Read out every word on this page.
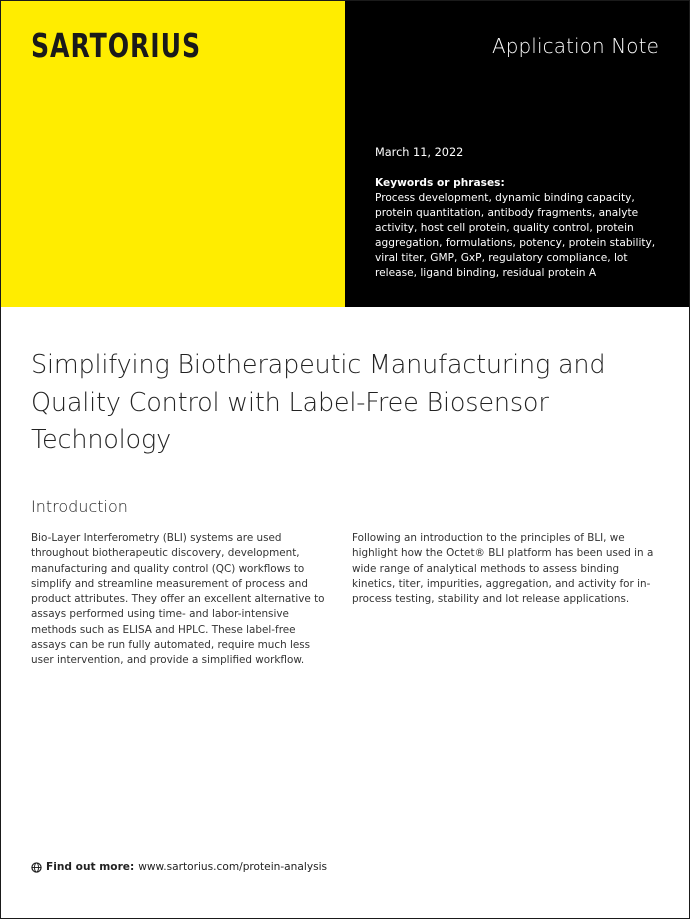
SARTORIUS	Application Note
March 11, 2022
Keywords or phrases:
Process development, dynamic binding capacity, protein quantitation, antibody fragments, analyte activity, host cell protein, quality control, protein aggregation, formulations, potency, protein stability, viral titer, GMP, GxP, regulatory compliance, lot release, ligand binding, residual protein A
Simplifying Biotherapeutic Manufacturing and Quality Control with Label-Free Biosensor Technology
Introduction
Bio-Layer Interferometry (BLI) systems are used throughout biotherapeutic discovery, development, manufacturing and quality control (QC) workflows to simplify and streamline measurement of process and product attributes. They offer an excellent alternative to assays performed using time- and labor-intensive methods such as ELISA and HPLC. These label-free assays can be run fully automated, require much less user intervention, and provide a simplified workflow.
Following an introduction to the principles of BLI, we highlight how the Octet® BLI platform has been used in a wide range of analytical methods to assess binding kinetics, titer, impurities, aggregation, and activity for in-process testing, stability and lot release applications.
Find out more: www.sartorius.com/protein-analysis
